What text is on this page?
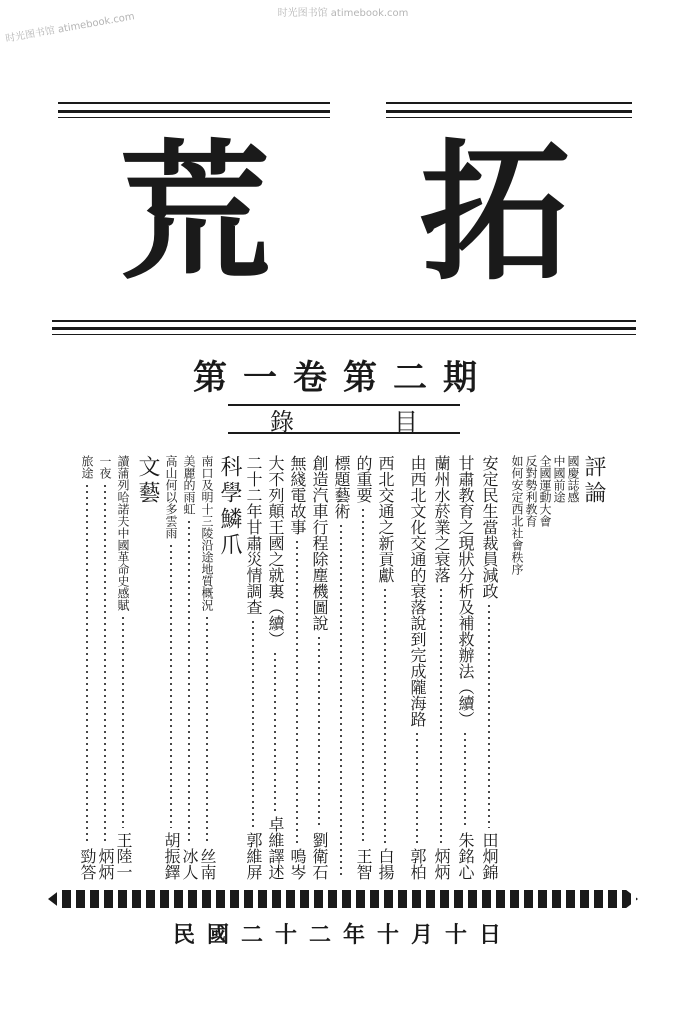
时光图书馆 atimebook.com
时光图书馆 atimebook.com
拓
荒
第一卷第二期
錄	目
評論
國慶誌感
中國前途
全國運動大會
反對勢利教育
如何安定西北社會秩序
安定民生當裁員減政
田炯錦
甘肅教育之現狀分析及補救辦法（續）
朱銘心
蘭州水菸業之衰落
炳炳
由西北文化交通的衰落說到完成隴海路
郭柏
西北交通之新貢獻
白揚
的重要
王智
標題藝術
創造汽車行程除塵機圖說
劉衛石
無綫電故事
鳴岑
大不列顛王國之就裏（續）
卓維譯述
二十二年甘肅災情調查
郭維屏
科學鱗爪
南口及明十三陵沿途地質概況
丝南
美麗的雨虹
冰人
高山何以多雲雨
胡振鐸
文藝
讀蒲列哈諾夫中國革命史感賦
王陸一
一夜
炳炳
旅途
勁答
民國二十二年十月十日
